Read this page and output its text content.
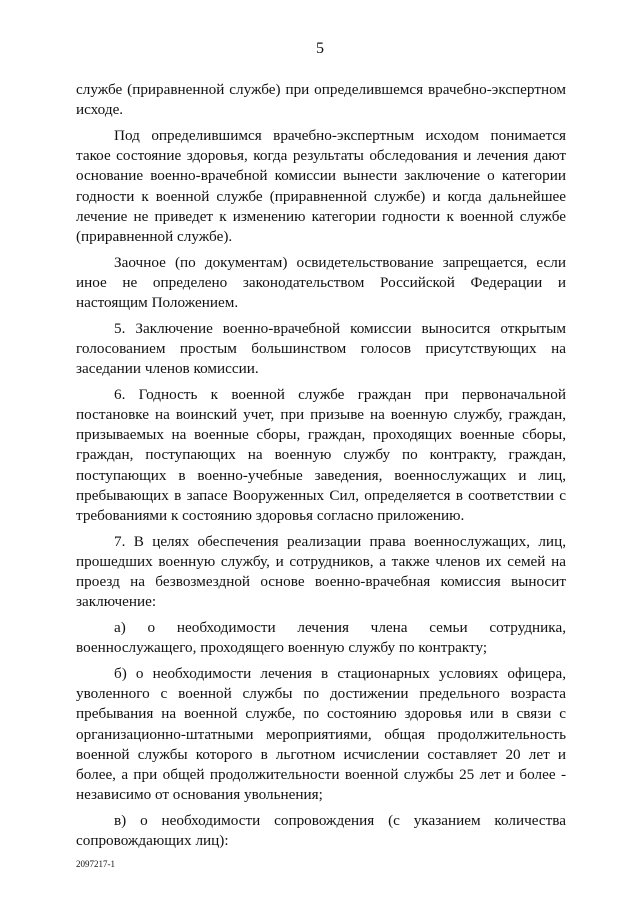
5

службе (приравненной службе) при определившемся врачебно-экспертном исходе.

Под определившимся врачебно-экспертным исходом понимается такое состояние здоровья, когда результаты обследования и лечения дают основание военно-врачебной комиссии вынести заключение о категории годности к военной службе (приравненной службе) и когда дальнейшее лечение не приведет к изменению категории годности к военной службе (приравненной службе).

Заочное (по документам) освидетельствование запрещается, если иное не определено законодательством Российской Федерации и настоящим Положением.

5. Заключение военно-врачебной комиссии выносится открытым голосованием простым большинством голосов присутствующих на заседании членов комиссии.

6. Годность к военной службе граждан при первоначальной постановке на воинский учет, при призыве на военную службу, граждан, призываемых на военные сборы, граждан, проходящих военные сборы, граждан, поступающих на военную службу по контракту, граждан, поступающих в военно-учебные заведения, военнослужащих и лиц, пребывающих в запасе Вооруженных Сил, определяется в соответствии с требованиями к состоянию здоровья согласно приложению.

7. В целях обеспечения реализации права военнослужащих, лиц, прошедших военную службу, и сотрудников, а также членов их семей на проезд на безвозмездной основе военно-врачебная комиссия выносит заключение:

а) о необходимости лечения члена семьи сотрудника, военнослужащего, проходящего военную службу по контракту;

б) о необходимости лечения в стационарных условиях офицера, уволенного с военной службы по достижении предельного возраста пребывания на военной службе, по состоянию здоровья или в связи с организационно-штатными мероприятиями, общая продолжительность военной службы которого в льготном исчислении составляет 20 лет и более, а при общей продолжительности военной службы 25 лет и более - независимо от основания увольнения;

в) о необходимости сопровождения (с указанием количества сопровождающих лиц):

2097217-1
